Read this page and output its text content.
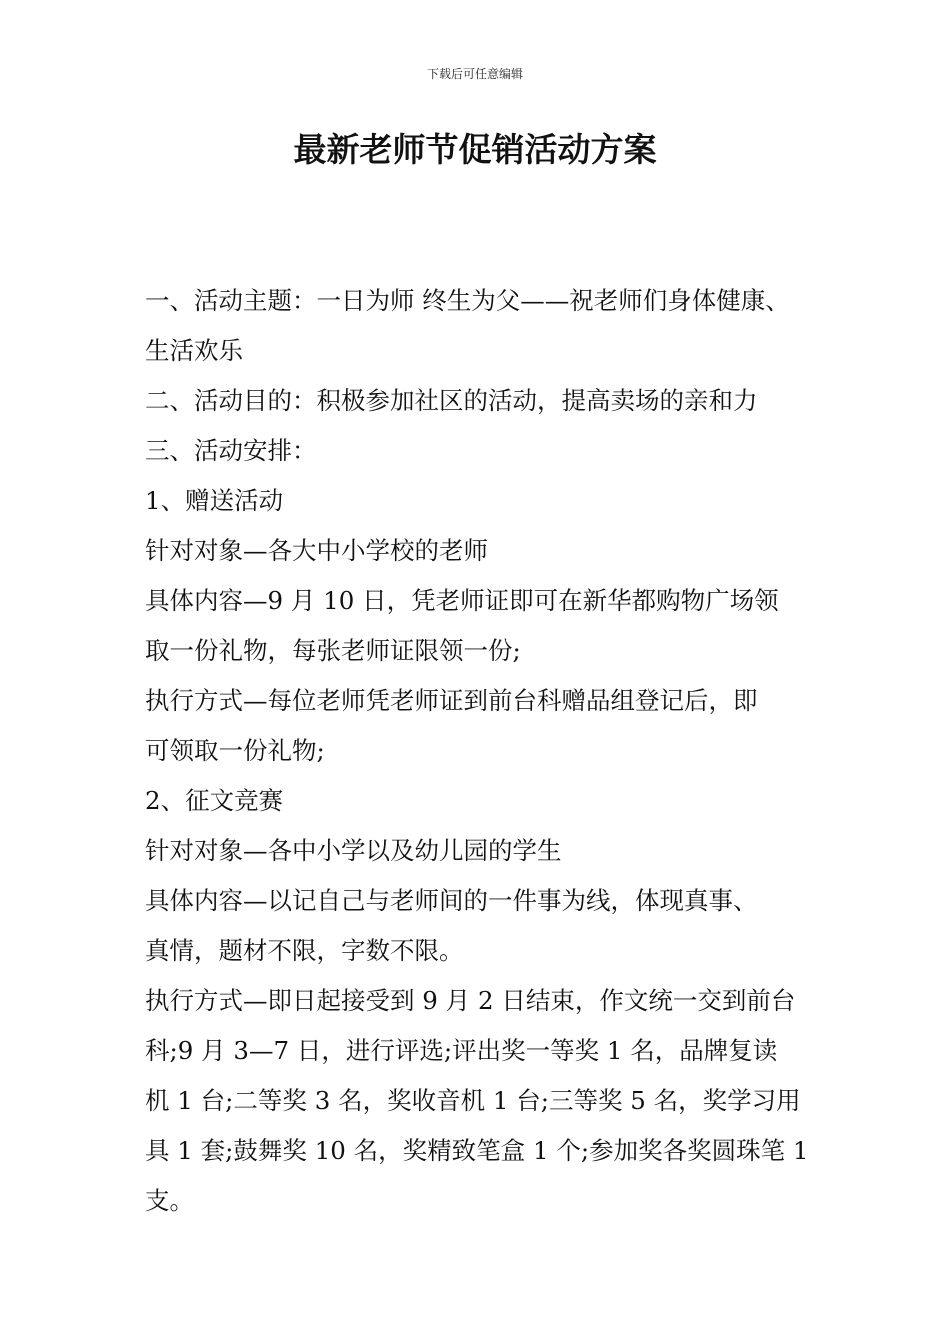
下载后可任意编辑
最新老师节促销活动方案

一、活动主题：一日为师 终生为父——祝老师们身体健康、

生活欢乐

二、活动目的：积极参加社区的活动，提高卖场的亲和力

三、活动安排：

1、赠送活动

针对对象—各大中小学校的老师

具体内容—9 月 10 日，凭老师证即可在新华都购物广场领

取一份礼物，每张老师证限领一份;

执行方式—每位老师凭老师证到前台科赠品组登记后，即

可领取一份礼物;

2、征文竞赛

针对对象—各中小学以及幼儿园的学生

具体内容—以记自己与老师间的一件事为线，体现真事、

真情，题材不限，字数不限。

执行方式—即日起接受到 9 月 2 日结束，作文统一交到前台

科;9 月 3—7 日，进行评选;评出奖一等奖 1 名，品牌复读

机 1 台;二等奖 3 名，奖收音机 1 台;三等奖 5 名，奖学习用

具 1 套;鼓舞奖 10 名，奖精致笔盒 1 个;参加奖各奖圆珠笔 1

支。
